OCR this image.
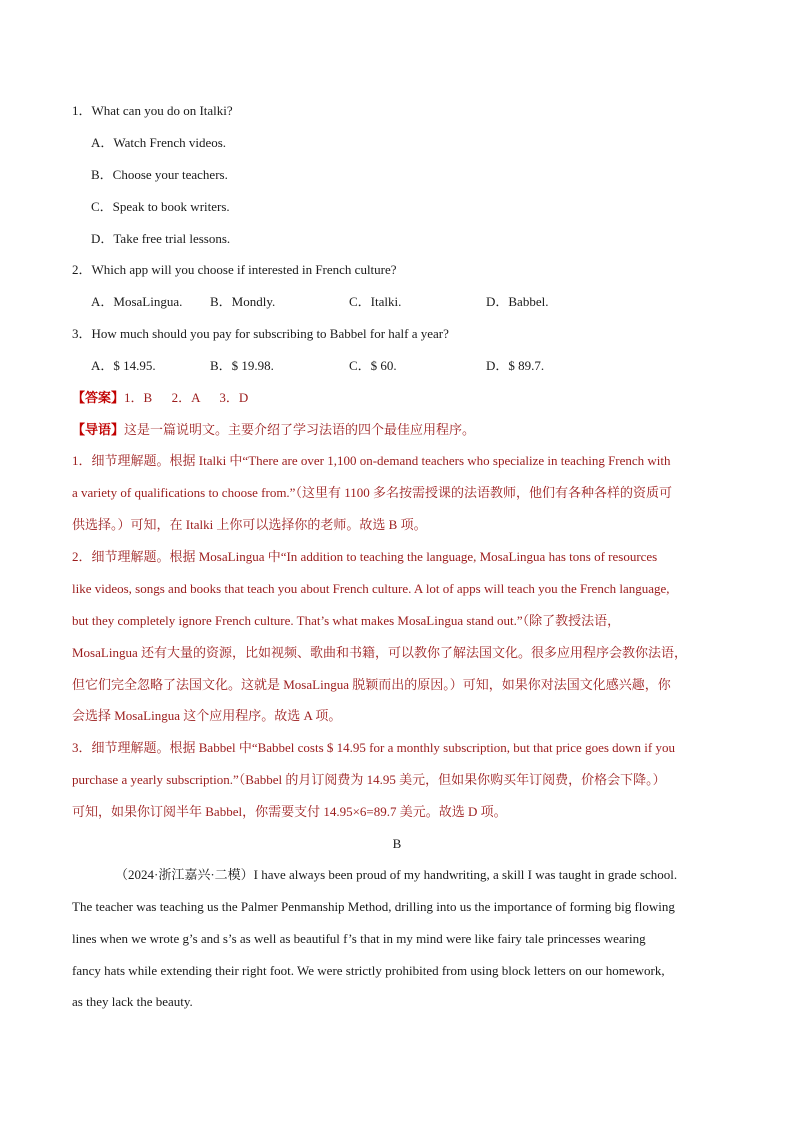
1．What can you do on Italki?
A．Watch French videos.
B．Choose your teachers.
C．Speak to book writers.
D．Take free trial lessons.
2．Which app will you choose if interested in French culture?
A．MosaLingua. B．Mondly.	C．Italki.	D．Babbel.
3．How much should you pay for subscribing to Babbel for half a year?
A．$ 14.95.	B．$ 19.98.	C．$ 60.	D．$ 89.7.
【答案】1．B      2．A      3．D
【导语】这是一篇说明文。主要介绍了学习法语的四个最佳应用程序。
1．细节理解题。根据 Italki 中“There are over 1,100 on-demand teachers who specialize in teaching French with
a variety of qualifications to choose from.”（这里有 1100 多名按需授课的法语教师，他们有各种各样的资质可
供选择。）可知，在 Italki 上你可以选择你的老师。故选 B 项。
2．细节理解题。根据 MosaLingua 中“In addition to teaching the language, MosaLingua has tons of resources
like videos, songs and books that teach you about French culture. A lot of apps will teach you the French language,
but they completely ignore French culture. That’s what makes MosaLingua stand out.”（除了教授法语，
MosaLingua 还有大量的资源，比如视频、歌曲和书籍，可以教你了解法国文化。很多应用程序会教你法语，
但它们完全忽略了法国文化。这就是 MosaLingua 脱颖而出的原因。）可知，如果你对法国文化感兴趣，你
会选择 MosaLingua 这个应用程序。故选 A 项。
3．细节理解题。根据 Babbel 中“Babbel costs $ 14.95 for a monthly subscription, but that price goes down if you
purchase a yearly subscription.”（Babbel 的月订阅费为 14.95 美元，但如果你购买年订阅费，价格会下降。）
可知，如果你订阅半年 Babbel，你需要支付 14.95×6=89.7 美元。故选 D 项。
B
（2024·浙江嘉兴·二模）I have always been proud of my handwriting, a skill I was taught in grade school.
The teacher was teaching us the Palmer Penmanship Method, drilling into us the importance of forming big flowing
lines when we wrote g’s and s’s as well as beautiful f’s that in my mind were like fairy tale princesses wearing
fancy hats while extending their right foot. We were strictly prohibited from using block letters on our homework,
as they lack the beauty.
